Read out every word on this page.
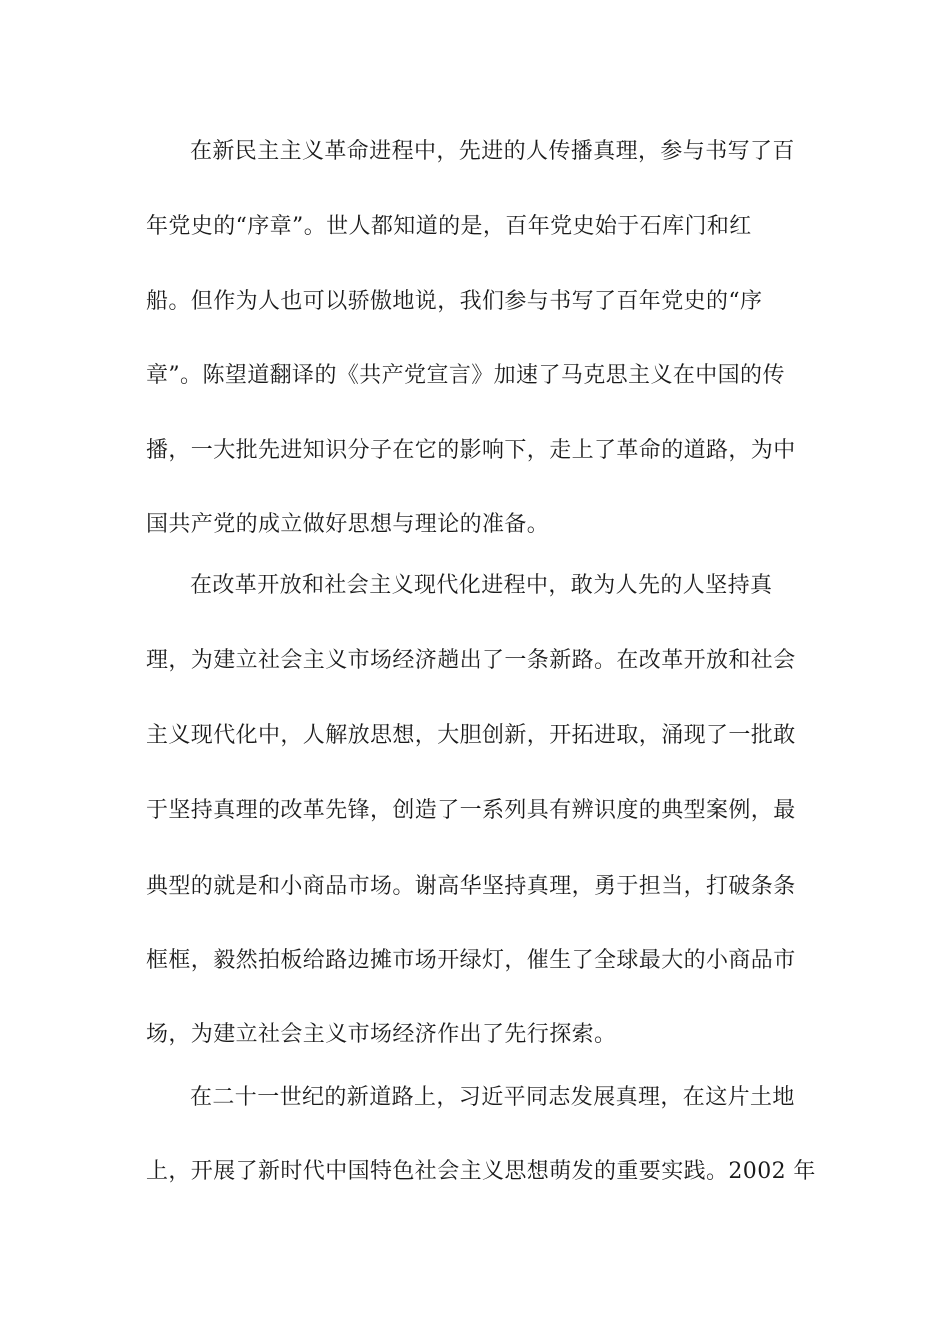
在新民主主义革命进程中，先进的人传播真理，参与书写了百
年党史的“序章”。世人都知道的是，百年党史始于石库门和红
船。但作为人也可以骄傲地说，我们参与书写了百年党史的“序
章”。陈望道翻译的《共产党宣言》加速了马克思主义在中国的传
播，一大批先进知识分子在它的影响下，走上了革命的道路，为中
国共产党的成立做好思想与理论的准备。
在改革开放和社会主义现代化进程中，敢为人先的人坚持真
理，为建立社会主义市场经济趟出了一条新路。在改革开放和社会
主义现代化中，人解放思想，大胆创新，开拓进取，涌现了一批敢
于坚持真理的改革先锋，创造了一系列具有辨识度的典型案例，最
典型的就是和小商品市场。谢高华坚持真理，勇于担当，打破条条
框框，毅然拍板给路边摊市场开绿灯，催生了全球最大的小商品市
场，为建立社会主义市场经济作出了先行探索。
在二十一世纪的新道路上，习近平同志发展真理，在这片土地
上，开展了新时代中国特色社会主义思想萌发的重要实践。2002 年
